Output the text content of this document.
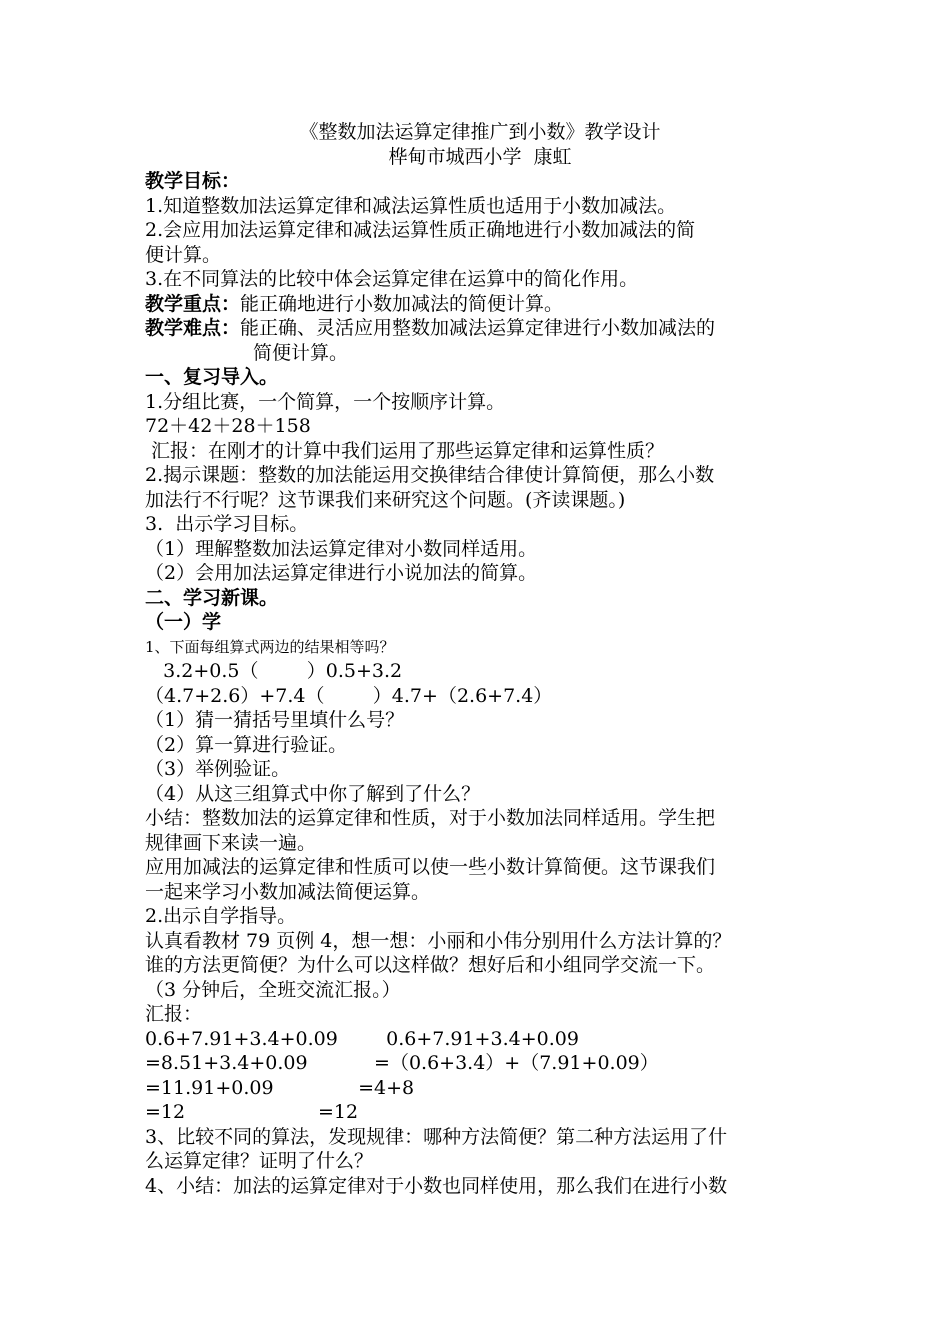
《整数加法运算定律推广到小数》教学设计
桦甸市城西小学  康虹
教学目标：
1.知道整数加法运算定律和减法运算性质也适用于小数加减法。
2.会应用加法运算定律和减法运算性质正确地进行小数加减法的简
便计算。
3.在不同算法的比较中体会运算定律在运算中的简化作用。
教学重点：能正确地进行小数加减法的简便计算。
教学难点：能正确、灵活应用整数加减法运算定律进行小数加减法的
简便计算。
一、复习导入。
1.分组比赛，一个简算，一个按顺序计算。
72＋42＋28＋158
汇报：在刚才的计算中我们运用了那些运算定律和运算性质？
2.揭示课题：整数的加法能运用交换律结合律使计算简便，那么小数
加法行不行呢？这节课我们来研究这个问题。(齐读课题。)
3.  出示学习目标。
（1）理解整数加法运算定律对小数同样适用。
（2）会用加法运算定律进行小说加法的简算。
二、学习新课。
（一）学
1、下面每组算式两边的结果相等吗？
3.2+0.5（        ）0.5+3.2
（4.7+2.6）+7.4（        ）4.7+（2.6+7.4）
（1）猜一猜括号里填什么号？
（2）算一算进行验证。
（3）举例验证。
（4）从这三组算式中你了解到了什么？
小结：整数加法的运算定律和性质，对于小数加法同样适用。学生把
规律画下来读一遍。
应用加减法的运算定律和性质可以使一些小数计算简便。这节课我们
一起来学习小数加减法简便运算。
2.出示自学指导。
认真看教材 79 页例 4，想一想：小丽和小伟分别用什么方法计算的？
谁的方法更简便？为什么可以这样做？想好后和小组同学交流一下。
（3 分钟后，全班交流汇报。）
汇报：
0.6+7.91+3.4+0.09        0.6+7.91+3.4+0.09
=8.51+3.4+0.09           =（0.6+3.4）+（7.91+0.09）
=11.91+0.09              =4+8
=12                      =12
3、比较不同的算法，发现规律：哪种方法简便？第二种方法运用了什
么运算定律？证明了什么？
4、小结：加法的运算定律对于小数也同样使用，那么我们在进行小数
